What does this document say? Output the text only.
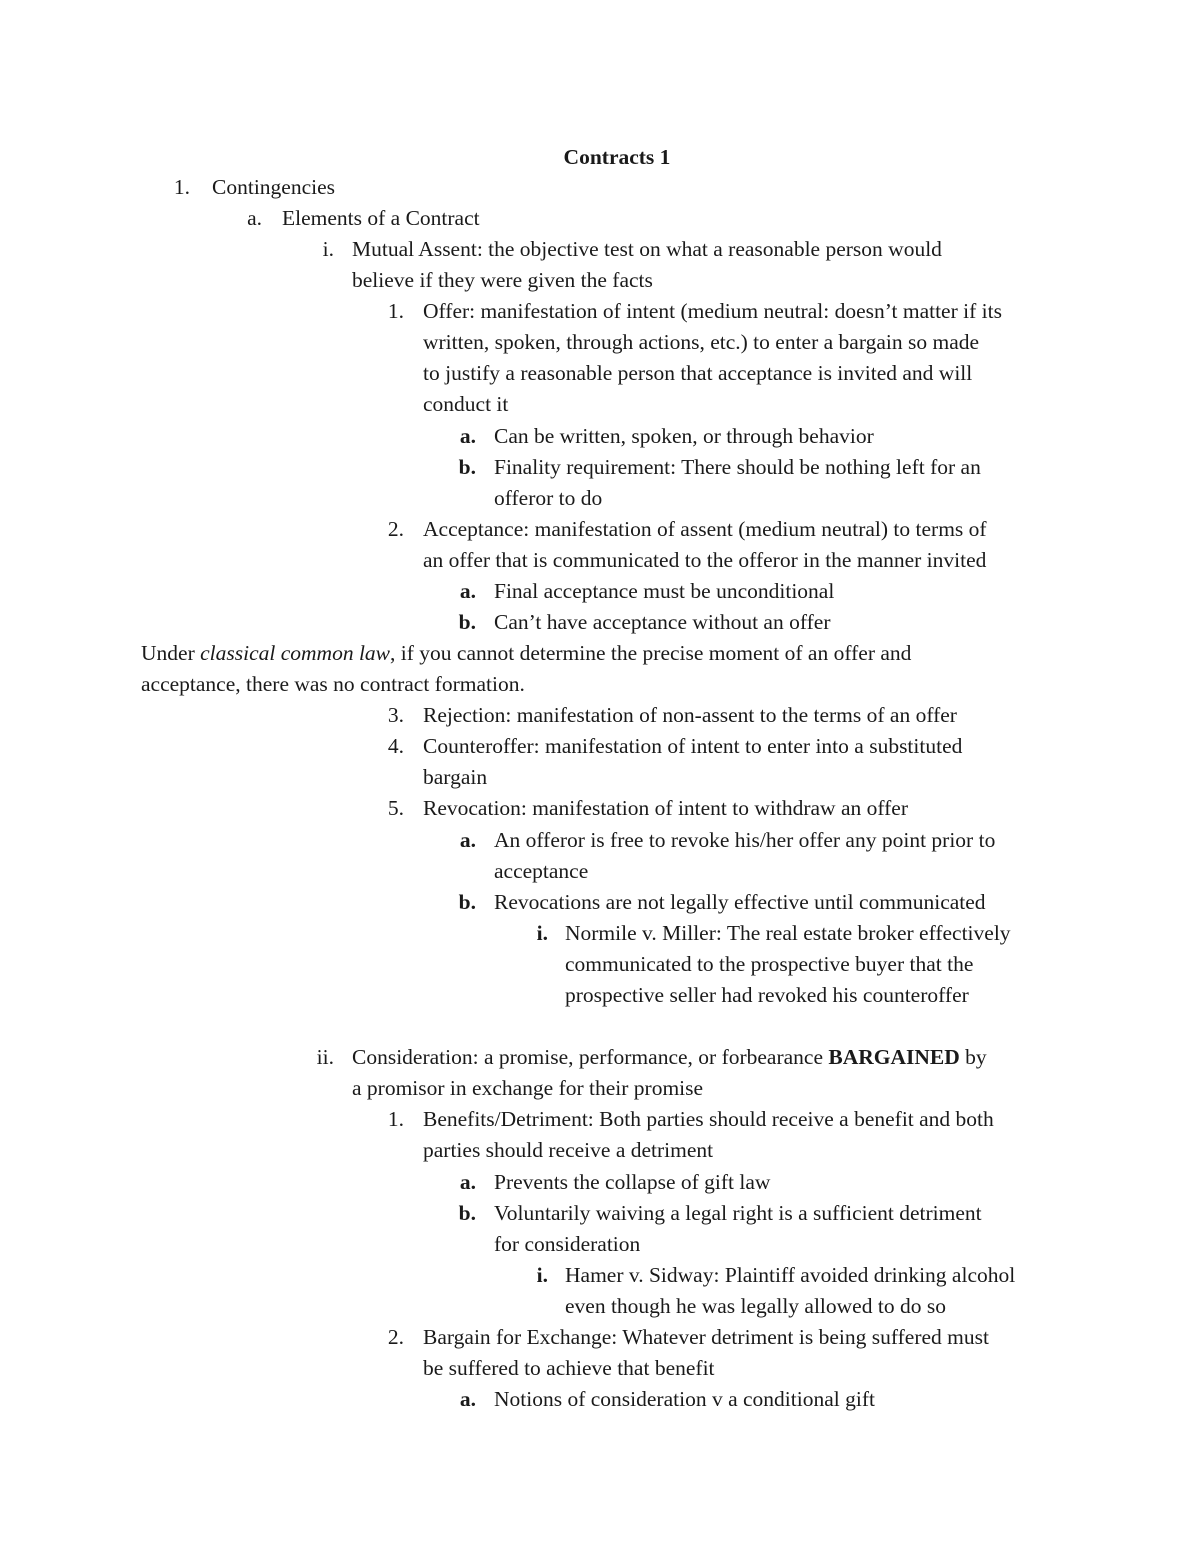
Contracts 1
1. Contingencies
a. Elements of a Contract
i. Mutual Assent: the objective test on what a reasonable person would
believe if they were given the facts
1. Offer: manifestation of intent (medium neutral: doesn’t matter if its
written, spoken, through actions, etc.) to enter a bargain so made
to justify a reasonable person that acceptance is invited and will
conduct it
a. Can be written, spoken, or through behavior
b. Finality requirement: There should be nothing left for an
offeror to do
2. Acceptance: manifestation of assent (medium neutral) to terms of
an offer that is communicated to the offeror in the manner invited
a. Final acceptance must be unconditional
b. Can’t have acceptance without an offer
Under classical common law, if you cannot determine the precise moment of an offer and
acceptance, there was no contract formation.
3. Rejection: manifestation of non-assent to the terms of an offer
4. Counteroffer: manifestation of intent to enter into a substituted
bargain
5. Revocation: manifestation of intent to withdraw an offer
a. An offeror is free to revoke his/her offer any point prior to
acceptance
b. Revocations are not legally effective until communicated
i. Normile v. Miller: The real estate broker effectively
communicated to the prospective buyer that the
prospective seller had revoked his counteroffer
ii. Consideration: a promise, performance, or forbearance BARGAINED by
a promisor in exchange for their promise
1. Benefits/Detriment: Both parties should receive a benefit and both
parties should receive a detriment
a. Prevents the collapse of gift law
b. Voluntarily waiving a legal right is a sufficient detriment
for consideration
i. Hamer v. Sidway: Plaintiff avoided drinking alcohol
even though he was legally allowed to do so
2. Bargain for Exchange: Whatever detriment is being suffered must
be suffered to achieve that benefit
a. Notions of consideration v a conditional gift
